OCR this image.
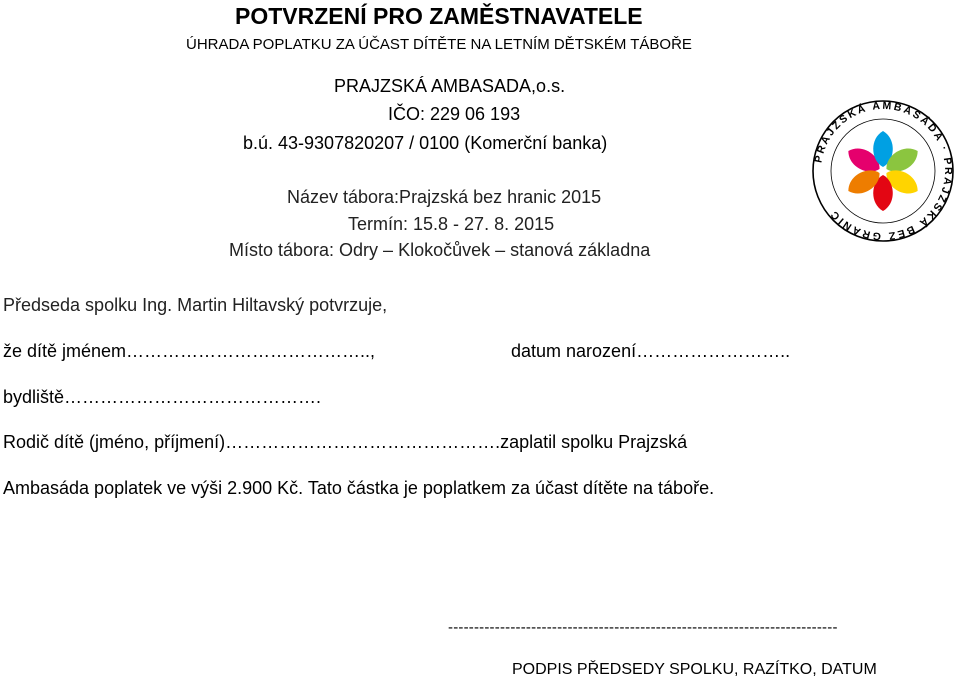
POTVRZENÍ PRO ZAMĚSTNAVATELE
ÚHRADA POPLATKU ZA ÚČAST DÍTĚTE NA LETNÍM DĚTSKÉM TÁBOŘE
PRAJZSKÁ AMBASADA,o.s.
IČO: 229 06 193
b.ú. 43-9307820207 / 0100 (Komerční banka)
Název tábora:Prajzská bez hranic 2015
Termín: 15.8 - 27. 8. 2015
Místo tábora: Odry – Klokočůvek – stanová základna
Předseda spolku Ing. Martin Hiltavský potvrzuje,
že dítě jménem…………………………………..,	datum narození……………………..
bydliště…………………………………….
Rodič dítě (jméno, příjmení)……………………………………….zaplatil spolku Prajzská
Ambasáda poplatek ve výši 2.900 Kč. Tato částka je poplatkem za účast dítěte na táboře.
---------------------------------------------------------------------------
PODPIS PŘEDSEDY SPOLKU, RAZÍTKO, DATUM
PRAJZSKÁ AMBASÁDA · PRAJZSKÁ BEZ GRANIC
